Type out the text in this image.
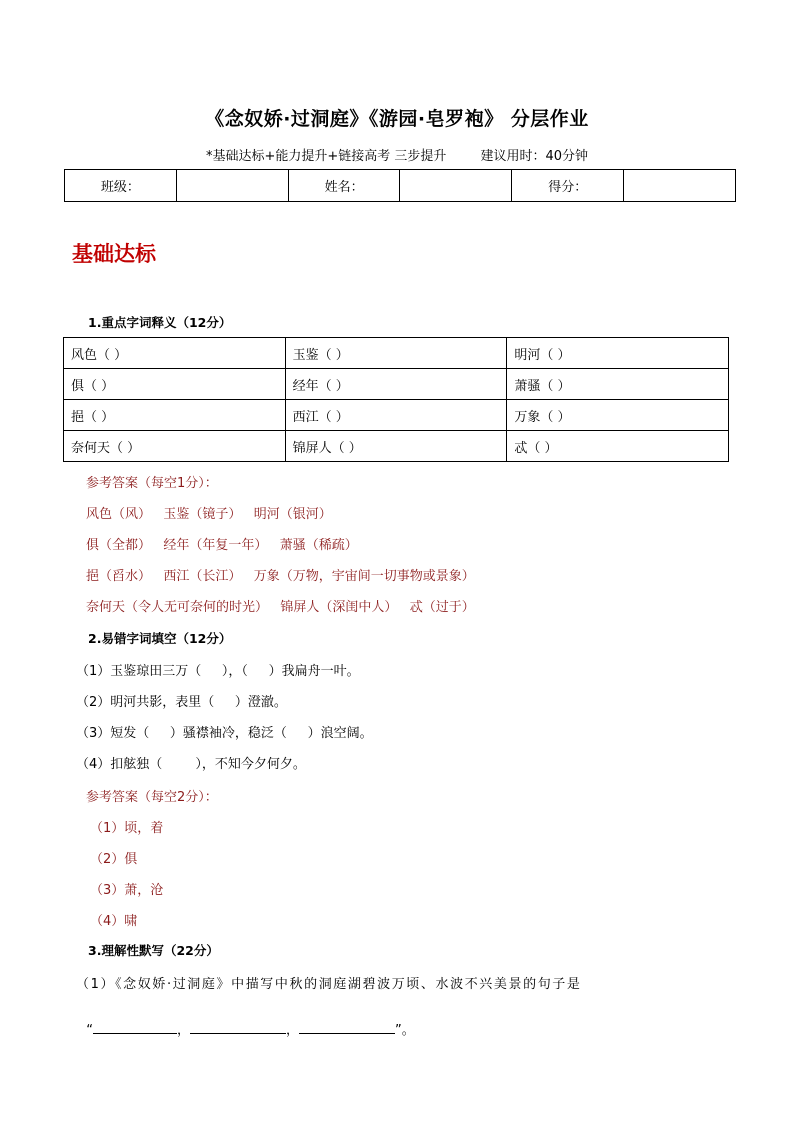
《念奴娇·过洞庭》《游园·皂罗袍》 分层作业
*基础达标+能力提升+链接高考 三步提升	建议用时：40分钟
班级：		姓名：		得分：	
基础达标
1.重点字词释义（12分）
风色（ ）	玉鉴（ ）	明河（ ）
俱（ ）	经年（ ）	萧骚（ ）
挹（ ）	西江（ ）	万象（ ）
奈何天（ ）	锦屏人（ ）	忒（ ）
参考答案（每空1分）：
风色（风）   玉鉴（镜子）   明河（银河）
俱（全都）   经年（年复一年）   萧骚（稀疏）
挹（舀水）   西江（长江）   万象（万物，宇宙间一切事物或景象）
奈何天（令人无可奈何的时光）   锦屏人（深闺中人）   忒（过于）
2.易错字词填空（12分）
（1）玉鉴琼田三万（     ），（     ）我扁舟一叶。
（2）明河共影，表里（     ）澄澈。
（3）短发（     ）骚襟袖冷，稳泛（     ）浪空阔。
（4）扣舷独（        ），不知今夕何夕。
参考答案（每空2分）：
（1）顷，着
（2）俱
（3）萧，沧
（4）啸
3.理解性默写（22分）
（1）《念奴娇·过洞庭》中描写中秋的洞庭湖碧波万顷、水波不兴美景的句子是

“	，	，	”。
